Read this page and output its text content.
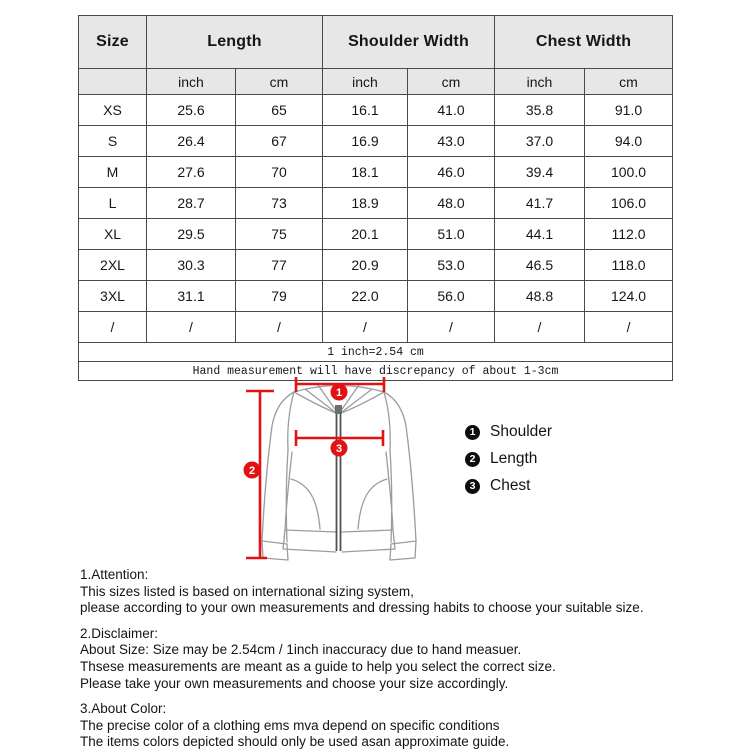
Size	Length		Shoulder Width		Chest Width	
	inch	cm	inch	cm	inch	cm
XS	25.6	65	16.1	41.0	35.8	91.0
S	26.4	67	16.9	43.0	37.0	94.0
M	27.6	70	18.1	46.0	39.4	100.0
L	28.7	73	18.9	48.0	41.7	106.0
XL	29.5	75	20.1	51.0	44.1	112.0
2XL	30.3	77	20.9	53.0	46.5	118.0
3XL	31.1	79	22.0	56.0	48.8	124.0
/	/	/	/	/	/	/
1 inch=2.54 cm						
Hand measurement will have discrepancy of about 1-3cm						
1
2
3
1 Shoulder
2 Length
3 Chest

1.Attention:

This sizes listed is based on international sizing system,

please according to your own measurements and dressing habits to choose your suitable size.

2.Disclaimer:

About Size: Size may be 2.54cm / 1inch inaccuracy due to hand measuer.

Thsese measurements are meant as a guide to help you select the correct size.

Please take your own measurements and choose your size accordingly.

3.About Color:

The precise color of a clothing ems mva depend on specific conditions

The items colors depicted should only be used asan approximate guide.
